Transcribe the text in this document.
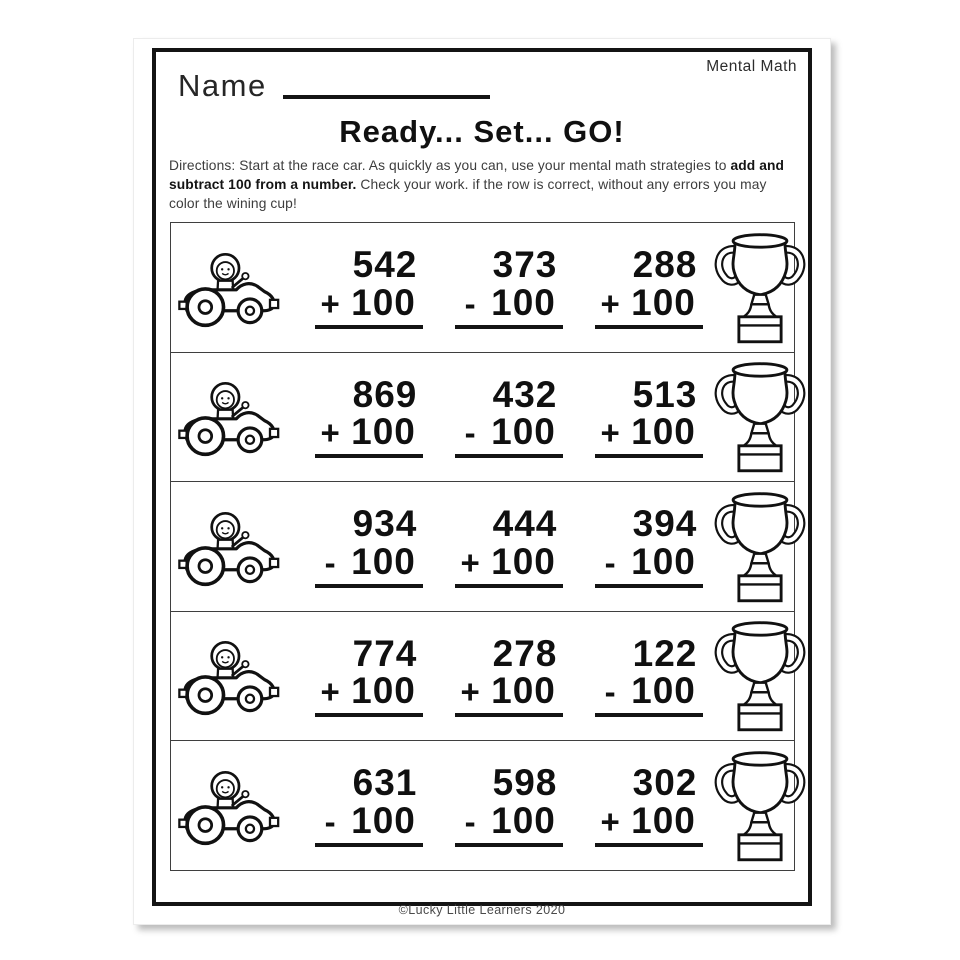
Mental Math
Name
Ready... Set... GO!
Directions: Start at the race car. As quickly as you can, use your mental math strategies to add and subtract 100 from a number. Check your work. if the row is correct, without any errors you may color the wining cup!
542
+ 100
373
- 100
288
+ 100
869
+ 100
432
- 100
513
+ 100
934
- 100
444
+ 100
394
- 100
774
+ 100
278
+ 100
122
- 100
631
- 100
598
- 100
302
+ 100
©Lucky Little Learners 2020
